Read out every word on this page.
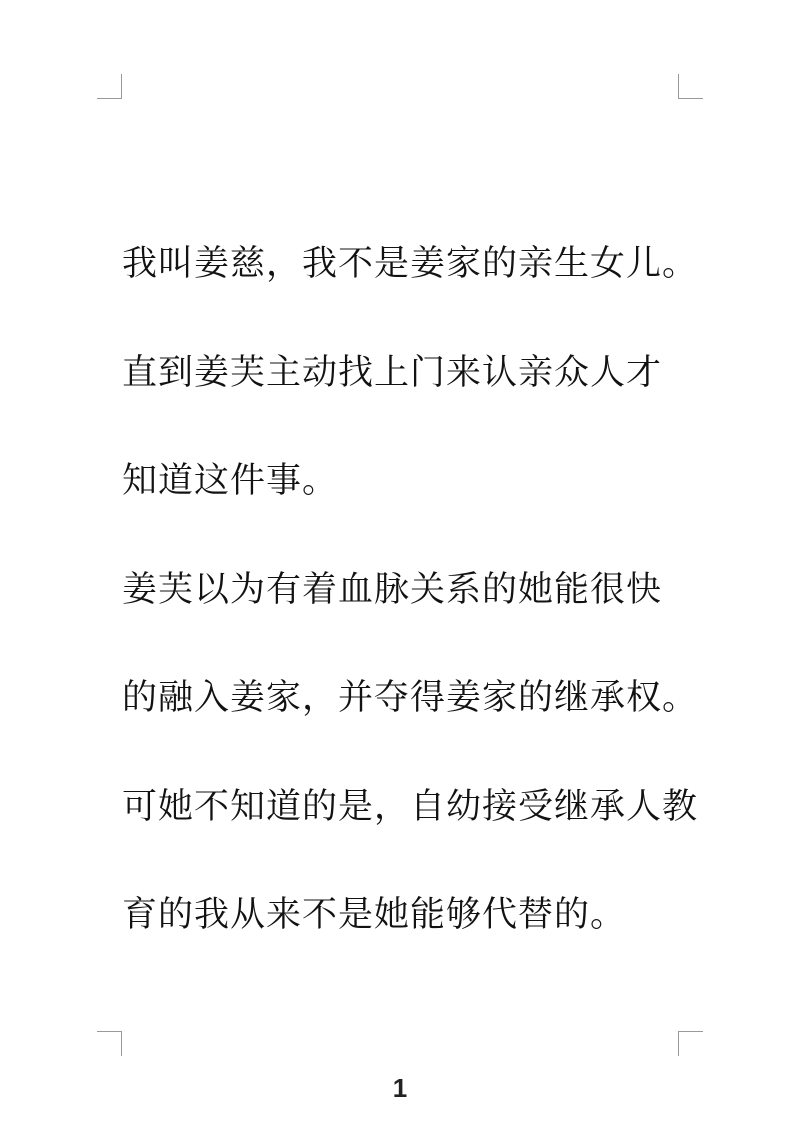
我叫姜慈，我不是姜家的亲生女儿。
直到姜芙主动找上门来认亲众人才
知道这件事。
姜芙以为有着血脉关系的她能很快
的融入姜家，并夺得姜家的继承权。
可她不知道的是，自幼接受继承人教
育的我从来不是她能够代替的。
1
